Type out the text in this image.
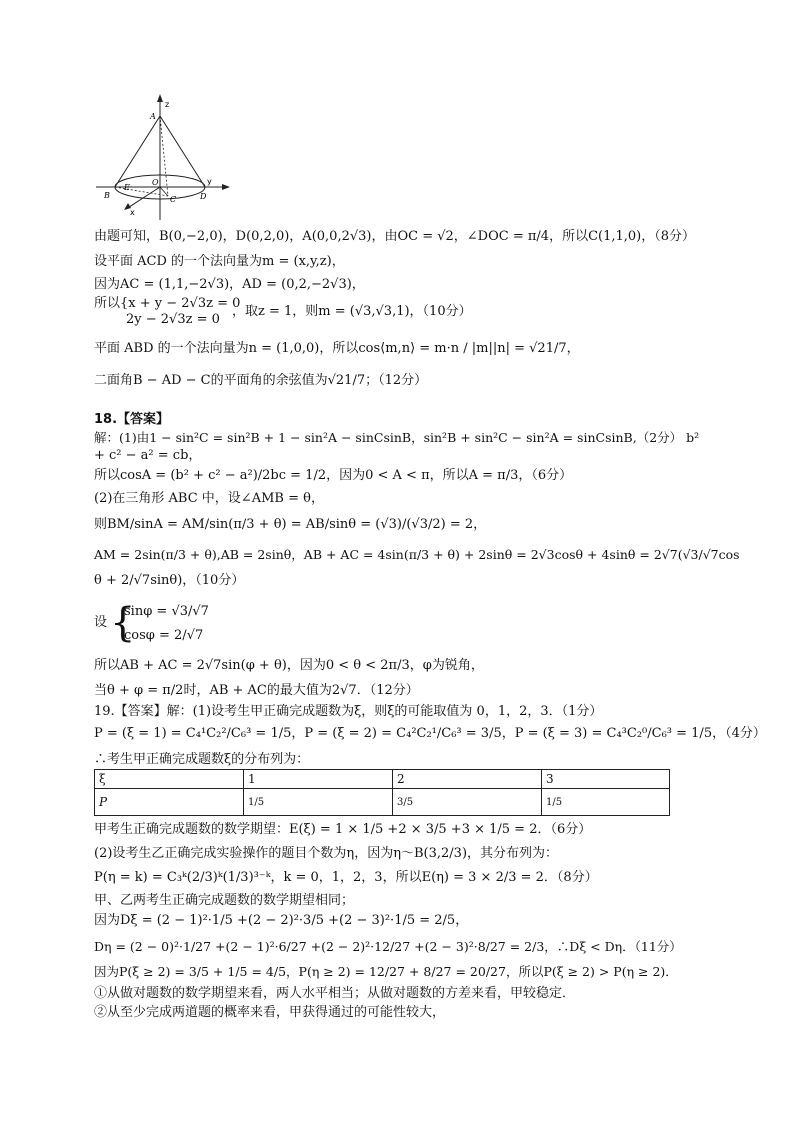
z
y
x
A
O
C
B
E
D
由题可知，B(0,−2,0)，D(0,2,0)，A(0,0,2√3)，由OC = √2，∠DOC = π/4，所以C(1,1,0)，（8分）
设平面 ACD 的一个法向量为m = (x,y,z)，
因为AC = (1,1,−2√3)，AD = (0,2,−2√3)，
所以{x + y − 2√3z = 0
2y − 2√3z = 0
，取z = 1，则m = (√3,√3,1)，（10分）
平面 ABD 的一个法向量为n = (1,0,0)，所以cos⟨m,n⟩ = m·n / |m||n| = √21/7，
二面角B − AD − C的平面角的余弦值为√21/7；（12分）
18.【答案】
解：(1)由1 − sin²C = sin²B + 1 − sin²A − sinCsinB，sin²B + sin²C − sin²A = sinCsinB,（2分） b²
+ c² − a² = cb，
所以cosA = (b² + c² − a²)/2bc = 1/2，因为0 < A < π，所以A = π/3，（6分）
(2)在三角形 ABC 中，设∠AMB = θ，
则BM/sinA = AM/sin(π/3 + θ) = AB/sinθ = (√3)/(√3/2) = 2，
AM = 2sin(π/3 + θ),AB = 2sinθ，AB + AC = 4sin(π/3 + θ) + 2sinθ = 2√3cosθ + 4sinθ = 2√7(√3/√7cos
θ + 2/√7sinθ)，（10分）
设 {
sinφ = √3/√7
cosφ = 2/√7
所以AB + AC = 2√7sin(φ + θ)，因为0 < θ < 2π/3，φ为锐角，
当θ + φ = π/2时，AB + AC的最大值为2√7．（12分）
19.【答案】解：(1)设考生甲正确完成题数为ξ，则ξ的可能取值为 0，1，2，3．（1分）
P = (ξ = 1) = C₄¹C₂²/C₆³ = 1/5，P = (ξ = 2) = C₄²C₂¹/C₆³ = 3/5，P = (ξ = 3) = C₄³C₂⁰/C₆³ = 1/5，（4分）
∴考生甲正确完成题数ξ的分布列为：
ξ	1	2	3
P	1/5	3/5	1/5
甲考生正确完成题数的数学期望：E(ξ) = 1 × 1/5 +2 × 3/5 +3 × 1/5 = 2．（6分）
(2)设考生乙正确完成实验操作的题目个数为η，因为η～B(3,2/3)，其分布列为：
P(η = k) = C₃ᵏ(2/3)ᵏ(1/3)³⁻ᵏ，k = 0，1，2，3，所以E(η) = 3 × 2/3 = 2．（8分）
甲、乙两考生正确完成题数的数学期望相同；
因为Dξ = (2 − 1)²·1/5 +(2 − 2)²·3/5 +(2 − 3)²·1/5 = 2/5，
Dη = (2 − 0)²·1/27 +(2 − 1)²·6/27 +(2 − 2)²·12/27 +(2 − 3)²·8/27 = 2/3，∴Dξ < Dη．（11分）
因为P(ξ ≥ 2) = 3/5 + 1/5 = 4/5，P(η ≥ 2) = 12/27 + 8/27 = 20/27，所以P(ξ ≥ 2) > P(η ≥ 2)．
①从做对题数的数学期望来看，两人水平相当；从做对题数的方差来看，甲较稳定．
②从至少完成两道题的概率来看，甲获得通过的可能性较大，
